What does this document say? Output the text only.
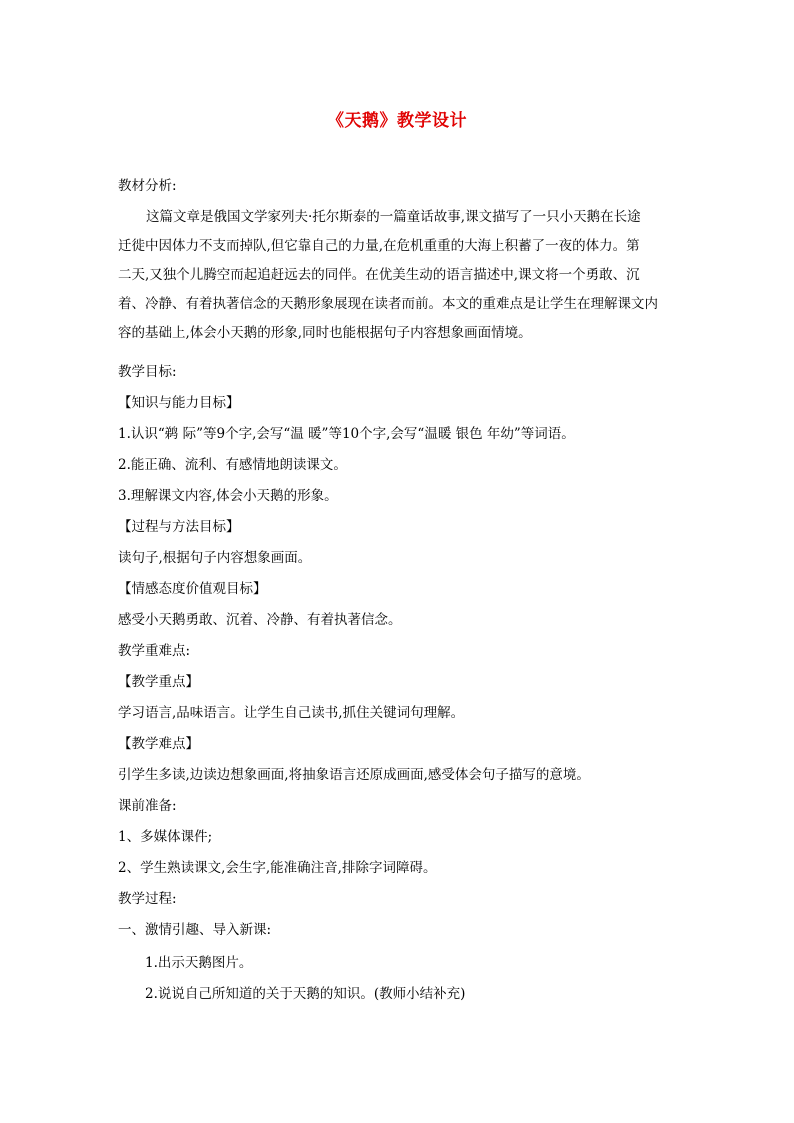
《天鹅》教学设计
教材分析:
这篇文章是俄国文学家列夫·托尔斯泰的一篇童话故事,课文描写了一只小天鹅在长途
迁徙中因体力不支而掉队,但它靠自己的力量,在危机重重的大海上积蓄了一夜的体力。第
二天,又独个儿腾空而起追赶远去的同伴。在优美生动的语言描述中,课文将一个勇敢、沉
着、冷静、有着执著信念的天鹅形象展现在读者而前。本文的重难点是让学生在理解课文内
容的基础上,体会小天鹅的形象,同时也能根据句子内容想象画面情境。
教学目标:
【知识与能力目标】
1.认识“鹈 际”等9个字,会写“温 暖”等10个字,会写“温暖 银色 年幼”等词语。
2.能正确、流利、有感情地朗读课文。
3.理解课文内容,体会小天鹅的形象。
【过程与方法目标】
读句子,根据句子内容想象画面。
【情感态度价值观目标】
感受小天鹅勇敢、沉着、冷静、有着执著信念。
教学重难点:
【教学重点】
学习语言,品味语言。让学生自己读书,抓住关键词句理解。
【教学难点】
引学生多读,边读边想象画面,将抽象语言还原成画面,感受体会句子描写的意境。
课前准备:
1、多媒体课件;
2、学生熟读课文,会生字,能准确注音,排除字词障碍。
教学过程:
一、激情引趣、导入新课:
1.出示天鹅图片。
2.说说自己所知道的关于天鹅的知识。(教师小结补充)
